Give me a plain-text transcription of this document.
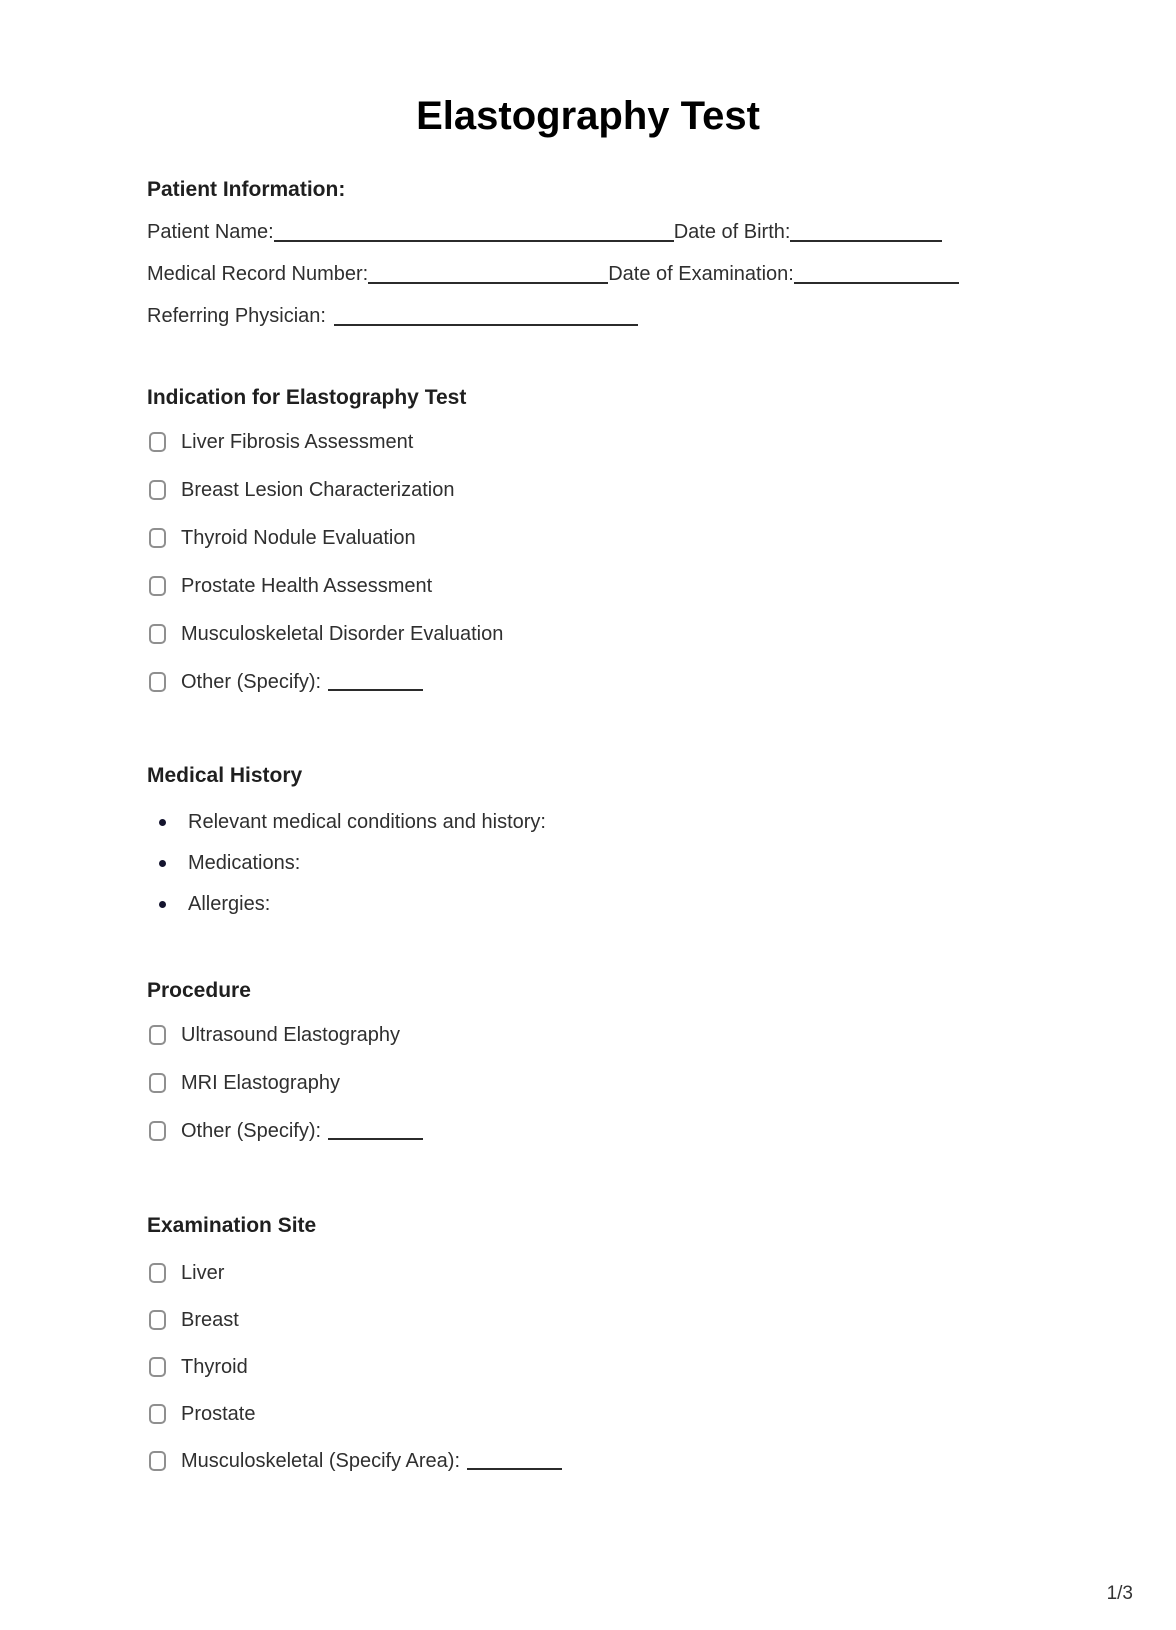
Elastography Test
Patient Information:
Patient Name:	Date of Birth:
Medical Record Number:	Date of Examination:
Referring Physician:
Indication for Elastography Test
Liver Fibrosis Assessment
Breast Lesion Characterization
Thyroid Nodule Evaluation
Prostate Health Assessment
Musculoskeletal Disorder Evaluation
Other (Specify):
Medical History
Relevant medical conditions and history:
Medications:
Allergies:
Procedure
Ultrasound Elastography
MRI Elastography
Other (Specify):
Examination Site
Liver
Breast
Thyroid
Prostate
Musculoskeletal (Specify Area):
1/3
